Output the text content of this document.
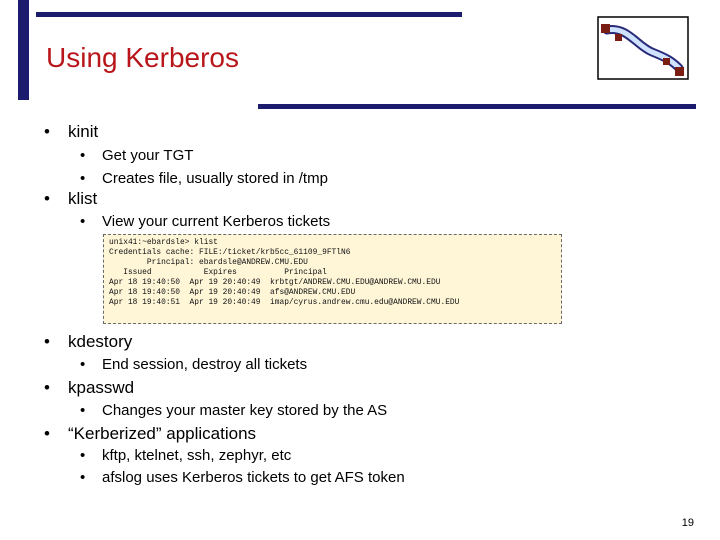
Using Kerberos
• kinit
• Get your TGT
• Creates file, usually stored in /tmp
• klist
• View your current Kerberos tickets
unix41:~ebardsle> klist
Credentials cache: FILE:/ticket/krb5cc_61109_9FTlN6
Principal: ebardsle@ANDREW.CMU.EDU
Issued           Expires          Principal
Apr 18 19:40:50  Apr 19 20:40:49  krbtgt/ANDREW.CMU.EDU@ANDREW.CMU.EDU
Apr 18 19:40:50  Apr 19 20:40:49  afs@ANDREW.CMU.EDU
Apr 18 19:40:51  Apr 19 20:40:49  imap/cyrus.andrew.cmu.edu@ANDREW.CMU.EDU
• kdestory
• End session, destroy all tickets
• kpasswd
• Changes your master key stored by the AS
• “Kerberized” applications
• kftp, ktelnet, ssh, zephyr, etc
• afslog uses Kerberos tickets to get AFS token
19
